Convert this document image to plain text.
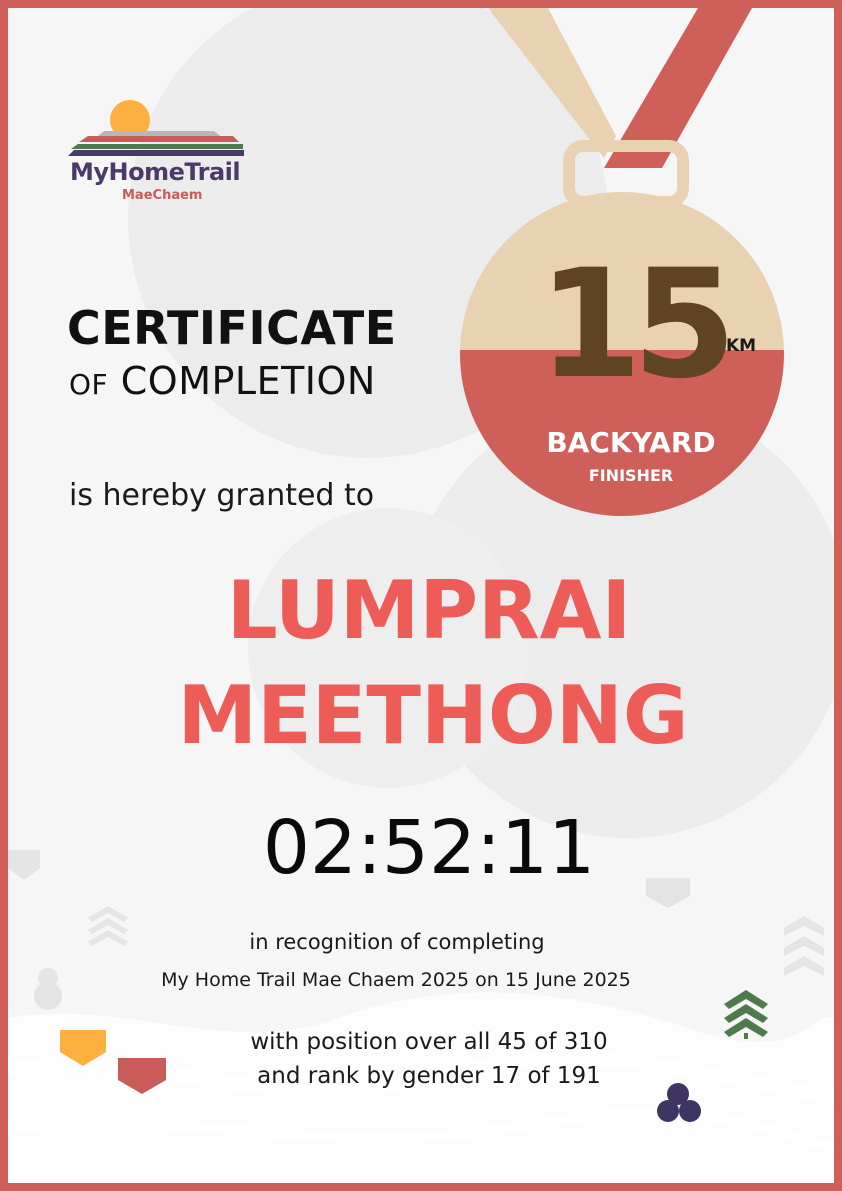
MyHomeTrail
MaeChaem
CERTIFICATE
OF COMPLETION
is hereby granted to
LUMPRAI
MEETHONG
02:52:11
in recognition of completing
My Home Trail Mae Chaem 2025 on 15 June 2025
with position over all 45 of 310
and rank by gender 17 of 191
15 KM
BACKYARD
FINISHER
